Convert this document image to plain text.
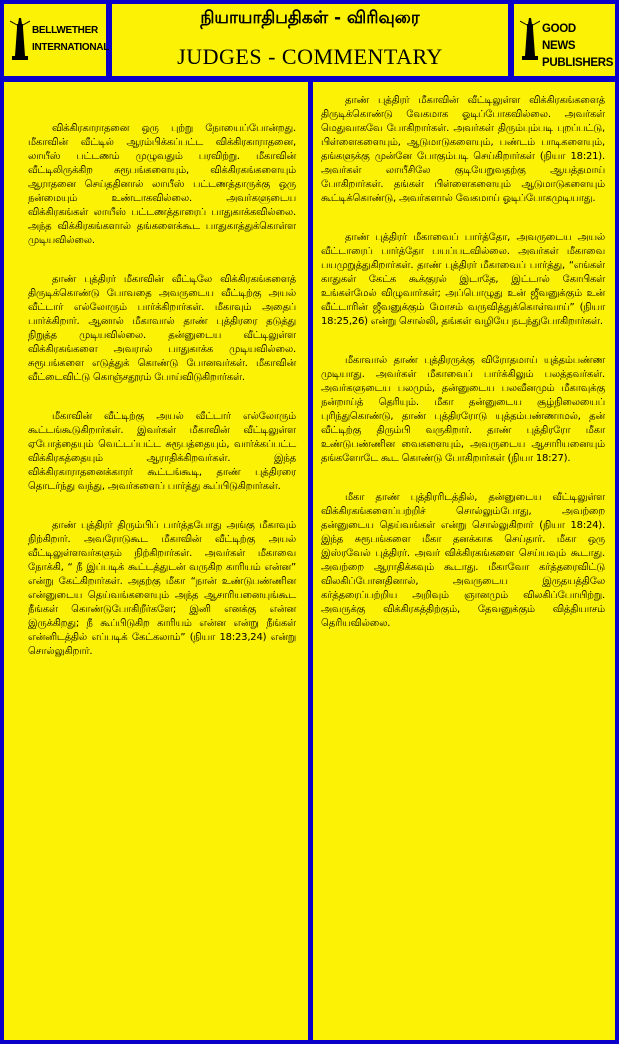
BELLWETHER INTERNATIONAL
நியாயாதிபதிகள் - விரிவுரை
JUDGES - COMMENTARY
GOOD NEWS PUBLISHERS

விக்கிரகாராதனை ஒரு புற்று நோயைப்போன்றது. மீகாவின் வீட்டில் ஆரம்பிக்கப்பட்ட விக்கிரகாராதனை, லாயீஸ் பட்டணம் முழுவதும் பரவிற்று. மீகாவின் வீட்டிலிருக்கிற சுரூபங்களையும், விக்கிரகங்களையும் ஆராதனை செய்ததினால் லாயீஸ் பட்டணத்தாருக்கு ஒரு நன்மையும் உண்டாகவில்லை. அவர்களுடைய விக்கிரகங்கள் லாயீஸ் பட்டணத்தாரைப் பாதுகாக்கவில்லை. அந்த விக்கிரகங்களால் தங்களைக்கூட பாதுகாத்துக்கொள்ள முடியவில்லை.

தாண் புத்திரர் மீகாவின் வீட்டிலே விக்கிரகங்களைத் திருடிக்கொண்டு போவதை அவருடைய வீட்டிற்கு அயல் வீட்டார் எல்லோரும் பார்க்கிறார்கள். மீகாவும் அதைப் பார்க்கிறார். ஆனால் மீகாவால் தாண் புத்திரரை தடுத்து நிறுத்த முடியவில்லை. தன்னுடைய வீட்டிலுள்ள விக்கிரகங்களை அவரால் பாதுகாக்க முடியவில்லை. சுரூபங்களை எடுத்துக் கொண்டு போனவர்கள். மீகாவின் வீட்டைவிட்டு கொஞ்சதூரம் போய்விடுகிறார்கள்.

மீகாவின் வீட்டிற்கு அயல் வீட்டார் எல்லோரும் கூட்டங்கூடுகிறார்கள். இவர்கள் மீகாவின் வீட்டிலுள்ள ஏபோத்தையும் வெட்டப்பட்ட சுரூபத்தையும், வார்க்கப்பட்ட விக்கிரகத்தையும் ஆராதிக்கிறவர்கள். இந்த விக்கிரகாராதனைக்காரர் கூட்டங்கூடி, தாண் புத்திரரை தொடர்ந்து வந்து, அவர்களைப் பார்த்து கூப்பிடுகிறார்கள்.

தாண் புத்திரர் திரும்பிப் பார்த்தபோது அங்கு மீகாவும் நிற்கிறார். அவரோடுகூட மீகாவின் வீட்டிற்கு அயல் வீட்டிலுள்ளவர்களும் நிற்கிறார்கள். அவர்கள் மீகாவை நோக்கி, “ நீ இப்படிக் கூட்டத்துடன் வருகிற காரியம் என்ன” என்று கேட்கிறார்கள். அதற்கு மீகா “நான் உண்டுபண்ணின என்னுடைய தெய்வங்களையும் அந்த ஆசாரியனையுங்கூட நீங்கள் கொண்டுபோகிறீர்களே; இனி எனக்கு என்ன இருக்கிறது; நீ கூப்பிடுகிற காரியம் என்ன என்று நீங்கள் என்னிடத்தில் எப்படிக் கேட்கலாம்” (நியா 18:23,24) என்று சொல்லுகிறார்.

தாண் புத்திரர் மீகாவின் வீட்டிலுள்ள விக்கிரகங்களைத் திருடிக்கொண்டு வேகமாக ஓடிப்போகவில்லை. அவர்கள் மெதுவாகவே போகிறார்கள். அவர்கள் திரும்பும்படி புறப்பட்டு, பிள்ளைகளையும், ஆடுமாடுகளையும், பண்டம் பாடிகளையும், தங்களுக்கு முன்னே போகும்படி செய்கிறார்கள் (நியா 18:21). அவர்கள் லாயீசிலே குடியேறுவதற்கு ஆயத்தமாய் போகிறார்கள். தங்கள் பிள்ளைகளையும் ஆடுமாடுகளையும் கூட்டிக்கொண்டு, அவர்களால் வேகமாய் ஓடிப்போகமுடியாது.

தாண் புத்திரர் மீகாவைப் பார்த்தோ, அவருடைய அயல் வீட்டாரைப் பார்த்தோ பயப்படவில்லை. அவர்கள் மீகாவை பயமுறுத்துகிறார்கள். தாண் புத்திரர் மீகாவைப் பார்த்து, “எங்கள் காதுகள் கேட்க கூக்குரல் இடாதே, இட்டால் கோபிகள் உங்கள்மேல் விழுவார்கள்; அப்பொழுது உன் ஜீவனுக்கும் உன் வீட்டாரின் ஜீவனுக்கும் மோசம் வருவித்துக்கொள்வாய்” (நியா 18:25,26) என்று சொல்லி, தங்கள் வழியே நடந்துபோகிறார்கள்.

மீகாவால் தாண் புத்திரருக்கு விரோதமாய் யுத்தம்பண்ண முடியாது. அவர்கள் மீகாவைப் பார்க்கிலும் பலத்தவர்கள். அவர்களுடைய பலமும், தன்னுடைய பலவீனமும் மீகாவுக்கு நன்றாய்த் தெரியும். மீகா தன்னுடைய சூழ்நிலையைப் புரிந்துகொண்டு, தாண் புத்திரரோடு யுத்தம்பண்ணாமல், தன் வீட்டிற்கு திரும்பி வருகிறார். தாண் புத்திரரோ மீகா உண்டுபண்ணின வைகளையும், அவருடைய ஆசாரியனையும் தங்களோடே கூட கொண்டு போகிறார்கள் (நியா 18:27).

மீகா தாண் புத்திரரிடத்தில், தன்னுடைய வீட்டிலுள்ள விக்கிரகங்களைப்பற்றிச் சொல்லும்போது, அவற்றை தன்னுடைய தெய்வங்கள் என்று சொல்லுகிறார் (நியா 18:24). இந்த சுரூபங்களை மீகா தனக்காக செய்தார். மீகா ஒரு இஸ்ரவேல் புத்திரர். அவர் விக்கிரகங்களை செய்யவும் கூடாது. அவற்றை ஆராதிக்கவும் கூடாது. மீகாவோ கர்த்தரைவிட்டு விலகிப்போனதினால், அவருடைய இருதயத்திலே கர்த்தரைப்பற்றிய அறிவும் ஞானமும் விலகிப்போயிற்று. அவருக்கு விக்கிரகத்திற்கும், தேவனுக்கும் வித்தியாசம் தெரியவில்லை.
